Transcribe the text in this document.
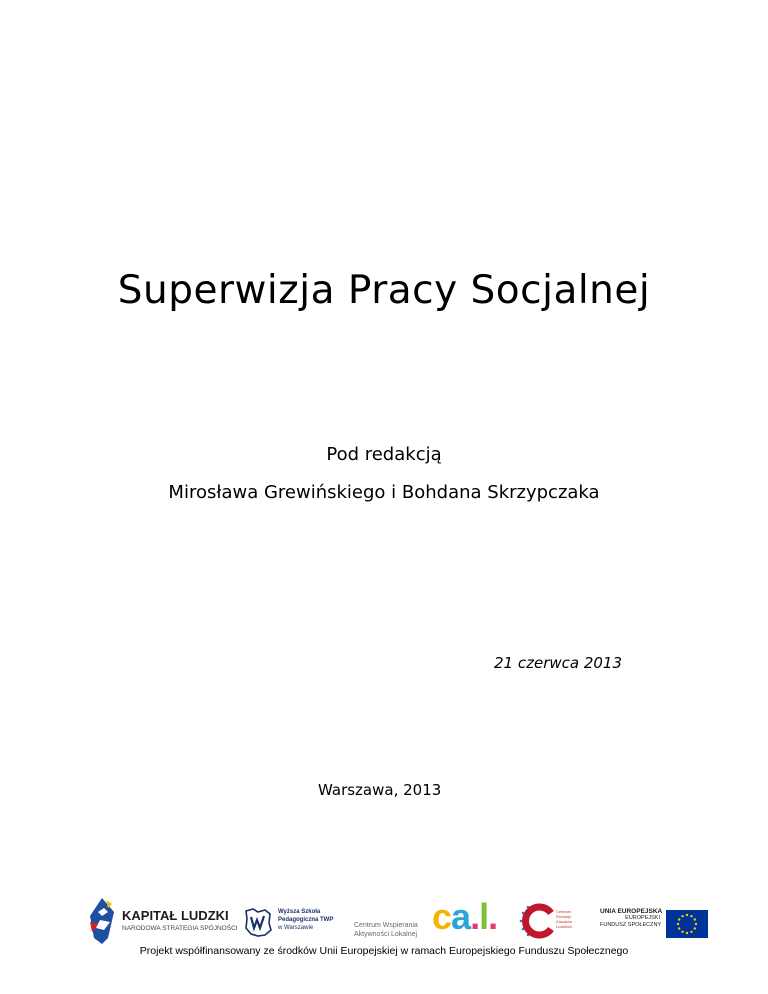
Superwizja Pracy Socjalnej
Pod redakcją
Mirosława Grewińskiego i Bohdana Skrzypczaka
21 czerwca 2013
Warszawa, 2013
KAPITAŁ LUDZKI
NARODOWA STRATEGIA SPÓJNOŚCI
Wyższa Szkoła
Pedagogiczna TWP
w Warszawie	Centrum Wspierania
Aktywności Lokalnej ca.l.	Centrum
Rozwoju
Zasobów
Ludzkich
UNIA EUROPEJSKA
EUROPEJSKI
FUNDUSZ SPOŁECZNY
Projekt współfinansowany ze środków Unii Europejskiej w ramach Europejskiego Funduszu Społecznego
